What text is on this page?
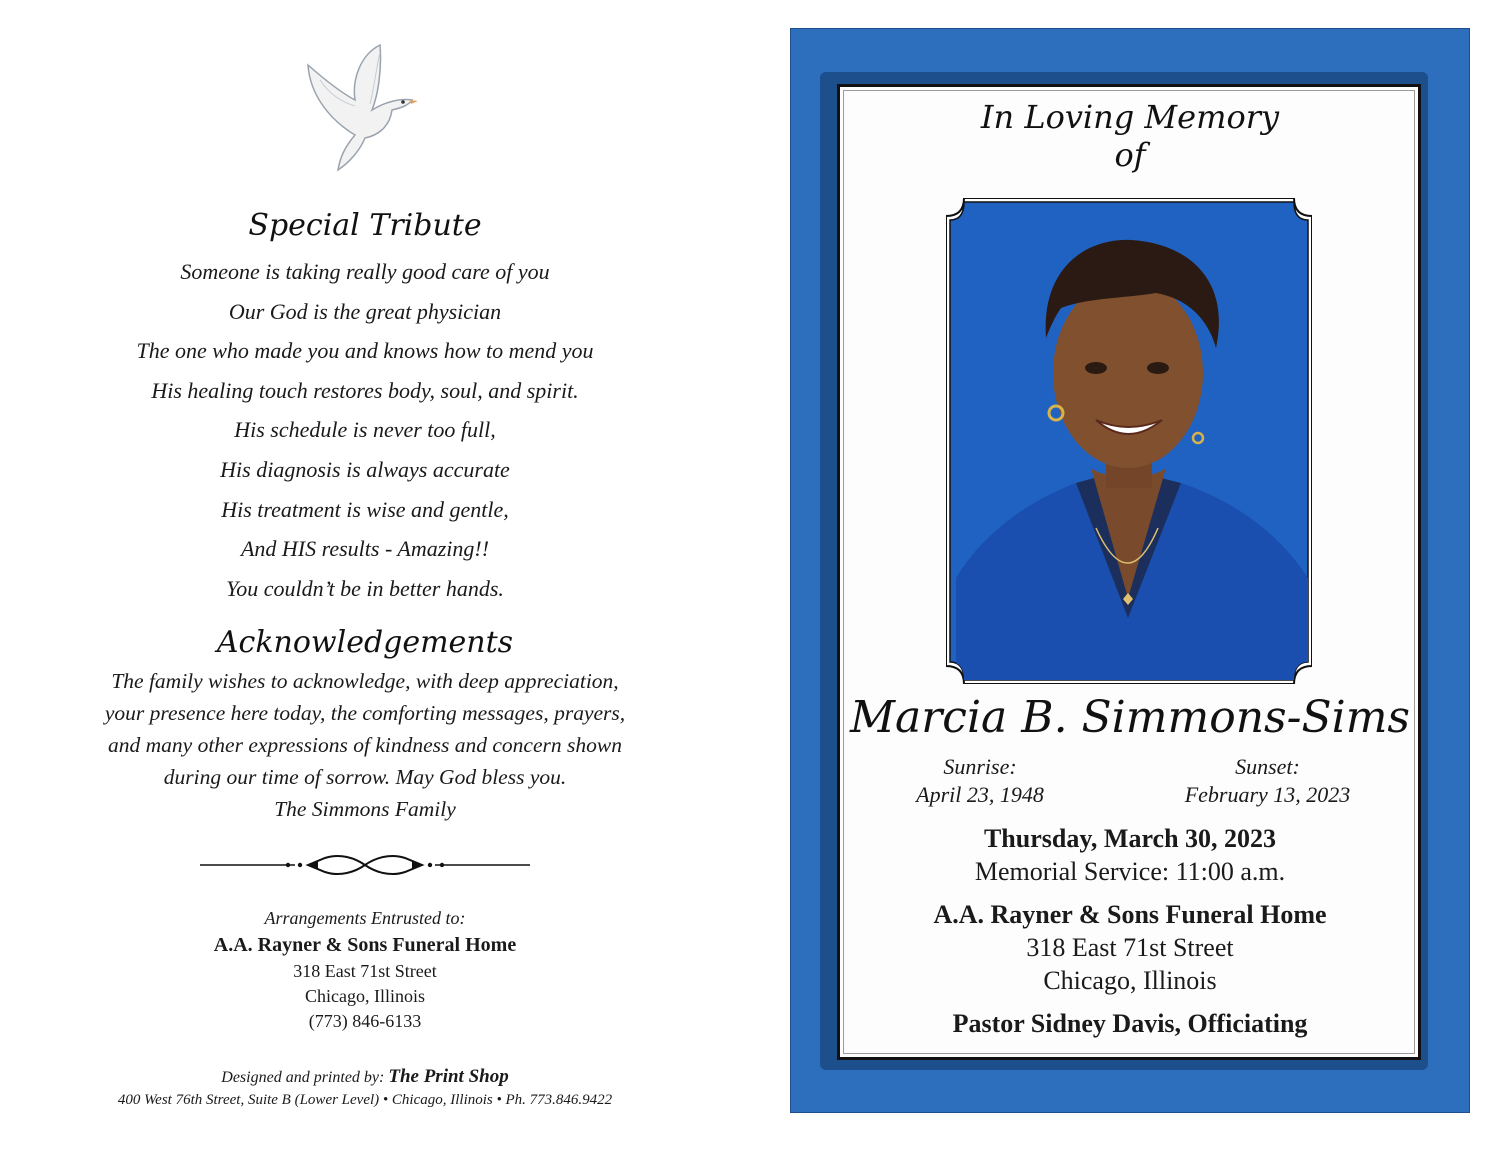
Special Tribute
Someone is taking really good care of you
Our God is the great physician
The one who made you and knows how to mend you
His healing touch restores body, soul, and spirit.
His schedule is never too full,
His diagnosis is always accurate
His treatment is wise and gentle,
And HIS results - Amazing!!
You couldn’t be in better hands.
Acknowledgements
The family wishes to acknowledge, with deep appreciation,
your presence here today, the comforting messages, prayers,
and many other expressions of kindness and concern shown
during our time of sorrow. May God bless you.
The Simmons Family
Arrangements Entrusted to:
A.A. Rayner & Sons Funeral Home
318 East 71st Street
Chicago, Illinois
(773) 846-6133
Designed and printed by: The Print Shop
400 West 76th Street, Suite B (Lower Level) • Chicago, Illinois • Ph. 773.846.9422
In Loving Memory
of
Marcia B. Simmons-Sims
Sunrise:
April 23, 1948
Sunset:
February 13, 2023
Thursday, March 30, 2023
Memorial Service: 11:00 a.m.
A.A. Rayner & Sons Funeral Home
318 East 71st Street
Chicago, Illinois
Pastor Sidney Davis, Officiating
